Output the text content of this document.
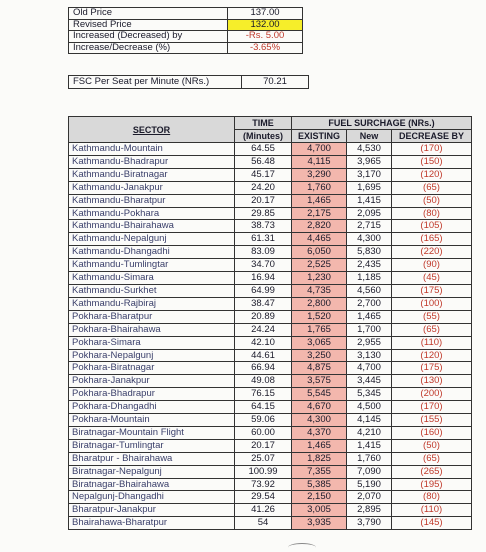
Old Price	137.00
Revised Price	132.00
Increased (Decreased) by	-Rs. 5.00
Increase/Decrease (%)	-3.65%
FSC Per Seat per Minute (NRs.)	70.21
SECTOR	TIME	FUEL SURCHAGE (NRs.)		
	(Minutes)	EXISTING	New	DECREASE BY
Kathmandu-Mountain	64.55	4,700	4,530	(170)
Kathmandu-Bhadrapur	56.48	4,115	3,965	(150)
Kathmandu-Biratnagar	45.17	3,290	3,170	(120)
Kathmandu-Janakpur	24.20	1,760	1,695	(65)
Kathmandu-Bharatpur	20.17	1,465	1,415	(50)
Kathmandu-Pokhara	29.85	2,175	2,095	(80)
Kathmandu-Bhairahawa	38.73	2,820	2,715	(105)
Kathmandu-Nepalgunj	61.31	4,465	4,300	(165)
Kathmandu-Dhangadhi	83.09	6,050	5,830	(220)
Kathmandu-Tumlingtar	34.70	2,525	2,435	(90)
Kathmandu-Simara	16.94	1,230	1,185	(45)
Kathmandu-Surkhet	64.99	4,735	4,560	(175)
Kathmandu-Rajbiraj	38.47	2,800	2,700	(100)
Pokhara-Bharatpur	20.89	1,520	1,465	(55)
Pokhara-Bhairahawa	24.24	1,765	1,700	(65)
Pokhara-Simara	42.10	3,065	2,955	(110)
Pokhara-Nepalgunj	44.61	3,250	3,130	(120)
Pokhara-Biratnagar	66.94	4,875	4,700	(175)
Pokhara-Janakpur	49.08	3,575	3,445	(130)
Pokhara-Bhadrapur	76.15	5,545	5,345	(200)
Pokhara-Dhangadhi	64.15	4,670	4,500	(170)
Pokhara-Mountain	59.06	4,300	4,145	(155)
Biratnagar-Mountain Flight	60.00	4,370	4,210	(160)
Biratnagar-Tumlingtar	20.17	1,465	1,415	(50)
Bharatpur - Bhairahawa	25.07	1,825	1,760	(65)
Biratnagar-Nepalgunj	100.99	7,355	7,090	(265)
Biratnagar-Bhairahawa	73.92	5,385	5,190	(195)
Nepalgunj-Dhangadhi	29.54	2,150	2,070	(80)
Bharatpur-Janakpur	41.26	3,005	2,895	(110)
Bhairahawa-Bharatpur	54	3,935	3,790	(145)
